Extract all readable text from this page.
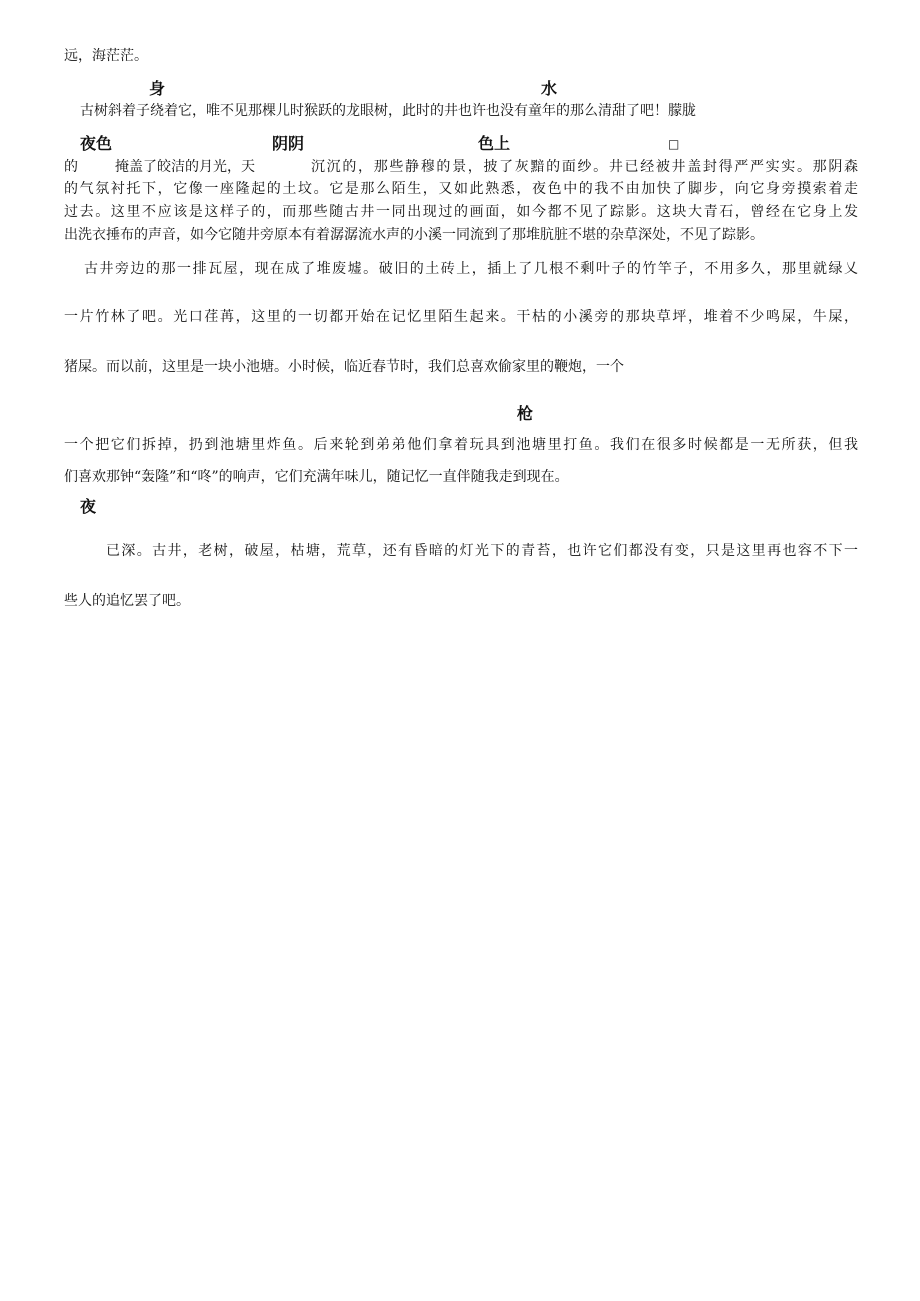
远，海茫茫。
身	水
古树斜着子绕着它，唯不见那棵儿时猴跃的龙眼树，此时的井也许也没有童年的那么清甜了吧！朦胧
夜色	阴阴	色上	□
的	掩盖了皎洁的月光，天	沉沉的，那些静穆的景，披了灰黯的面纱。井已经被井盖封得严严实实。那阴森
的气氛衬托下，它像一座隆起的土坟。它是那么陌生，又如此熟悉，夜色中的我不由加快了脚步，向它身旁摸索着走
过去。这里不应该是这样子的，而那些随古井一同出现过的画面，如今都不见了踪影。这块大青石，曾经在它身上发
出洗衣捶布的声音，如今它随井旁原本有着潺潺流水声的小溪一同流到了那堆肮脏不堪的杂草深处，不见了踪影。
古井旁边的那一排瓦屋，现在成了堆废墟。破旧的土砖上，插上了几根不剩叶子的竹竿子，不用多久，那里就绿乂
一片竹林了吧。光口荏苒，这里的一切都开始在记忆里陌生起来。干枯的小溪旁的那块草坪，堆着不少鸣屎，牛屎，
猪屎。而以前，这里是一块小池塘。小时候，临近春节时，我们总喜欢偷家里的鞭炮，一个
枪
一个把它们拆掉，扔到池塘里炸鱼。后来轮到弟弟他们拿着玩具到池塘里打鱼。我们在很多时候都是一无所获，但我
们喜欢那钟“轰隆”和“咚”的响声，它们充满年味儿，随记忆一直伴随我走到现在。
夜
已深。古井，老树，破屋，枯塘，荒草，还有昏暗的灯光下的青苔，也许它们都没有变，只是这里再也容不下一
些人的追忆罢了吧。
